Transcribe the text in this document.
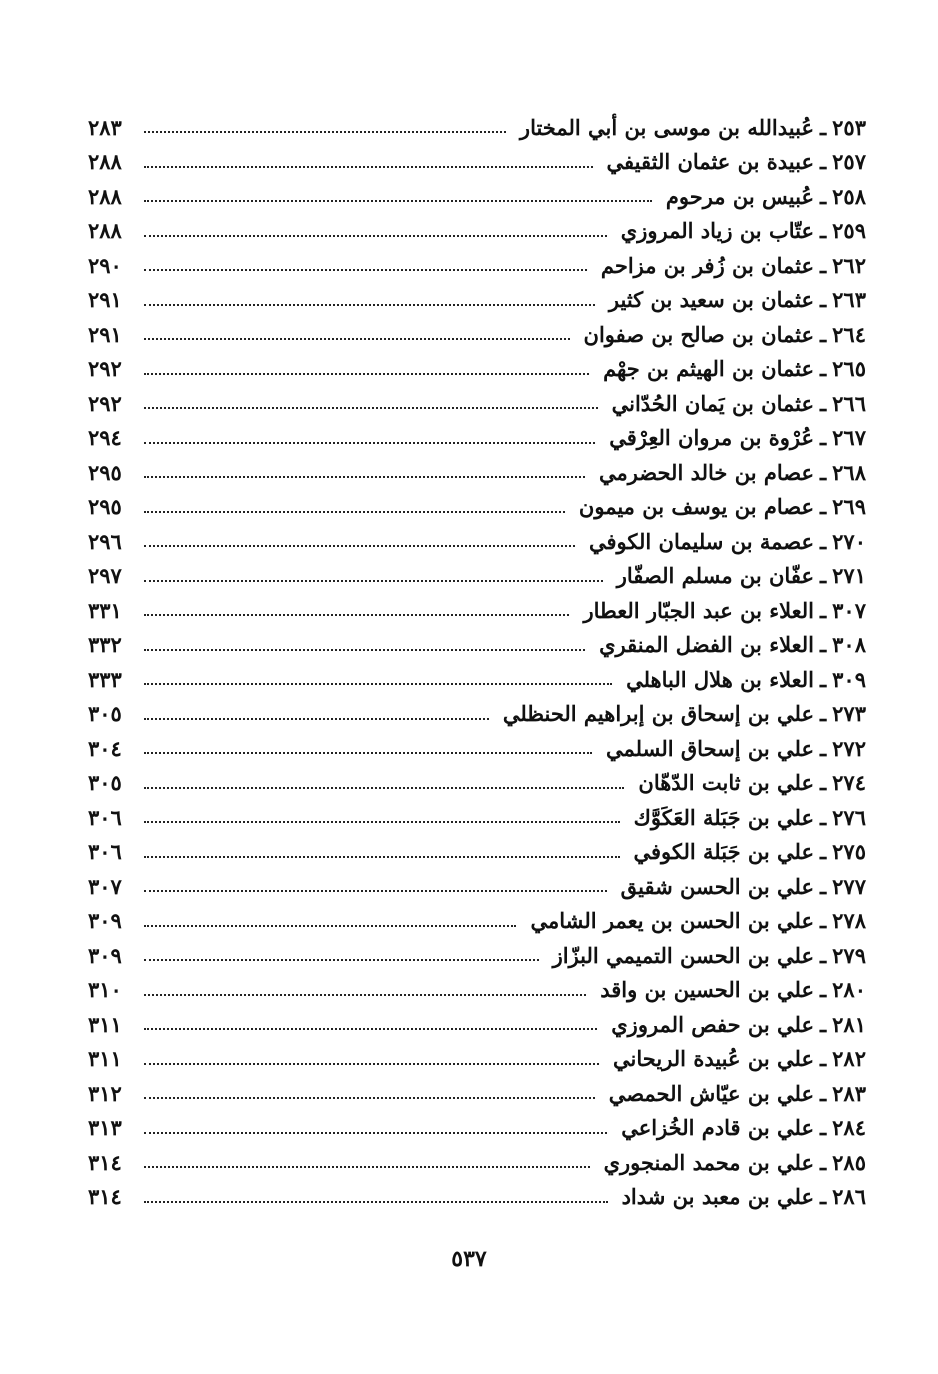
٢٥٣
ـ
عُبيدالله بن موسى بن أبي المختار
٢٨٣
٢٥٧
ـ
عبيدة بن عثمان الثقيفي
٢٨٨
٢٥٨
ـ
عُبيس بن مرحوم
٢٨٨
٢٥٩
ـ
عتّاب بن زياد المروزي
٢٨٨
٢٦٢
ـ
عثمان بن زُفر بن مزاحم
٢٩٠
٢٦٣
ـ
عثمان بن سعيد بن كثير
٢٩١
٢٦٤
ـ
عثمان بن صالح بن صفوان
٢٩١
٢٦٥
ـ
عثمان بن الهيثم بن جهْم
٢٩٢
٢٦٦
ـ
عثمان بن يَمان الحُدّاني
٢٩٢
٢٦٧
ـ
عُرْوة بن مروان العِرْقي
٢٩٤
٢٦٨
ـ
عصام بن خالد الحضرمي
٢٩٥
٢٦٩
ـ
عصام بن يوسف بن ميمون
٢٩٥
٢٧٠
ـ
عصمة بن سليمان الكوفي
٢٩٦
٢٧١
ـ
عفّان بن مسلم الصفّار
٢٩٧
٣٠٧
ـ
العلاء بن عبد الجبّار العطار
٣٣١
٣٠٨
ـ
العلاء بن الفضل المنقري
٣٣٢
٣٠٩
ـ
العلاء بن هلال الباهلي
٣٣٣
٢٧٣
ـ
علي بن إسحاق بن إبراهيم الحنظلي
٣٠٥
٢٧٢
ـ
علي بن إسحاق السلمي
٣٠٤
٢٧٤
ـ
علي بن ثابت الدّهّان
٣٠٥
٢٧٦
ـ
علي بن جَبَلة العَكَوَّك
٣٠٦
٢٧٥
ـ
علي بن جَبَلة الكوفي
٣٠٦
٢٧٧
ـ
علي بن الحسن شقيق
٣٠٧
٢٧٨
ـ
علي بن الحسن بن يعمر الشامي
٣٠٩
٢٧٩
ـ
علي بن الحسن التميمي البزّاز
٣٠٩
٢٨٠
ـ
علي بن الحسين بن واقد
٣١٠
٢٨١
ـ
علي بن حفص المروزي
٣١١
٢٨٢
ـ
علي بن عُبيدة الريحاني
٣١١
٢٨٣
ـ
علي بن عيّاش الحمصي
٣١٢
٢٨٤
ـ
علي بن قادم الخُزاعي
٣١٣
٢٨٥
ـ
علي بن محمد المنجوري
٣١٤
٢٨٦
ـ
علي بن معبد بن شداد
٣١٤
٥٣٧
